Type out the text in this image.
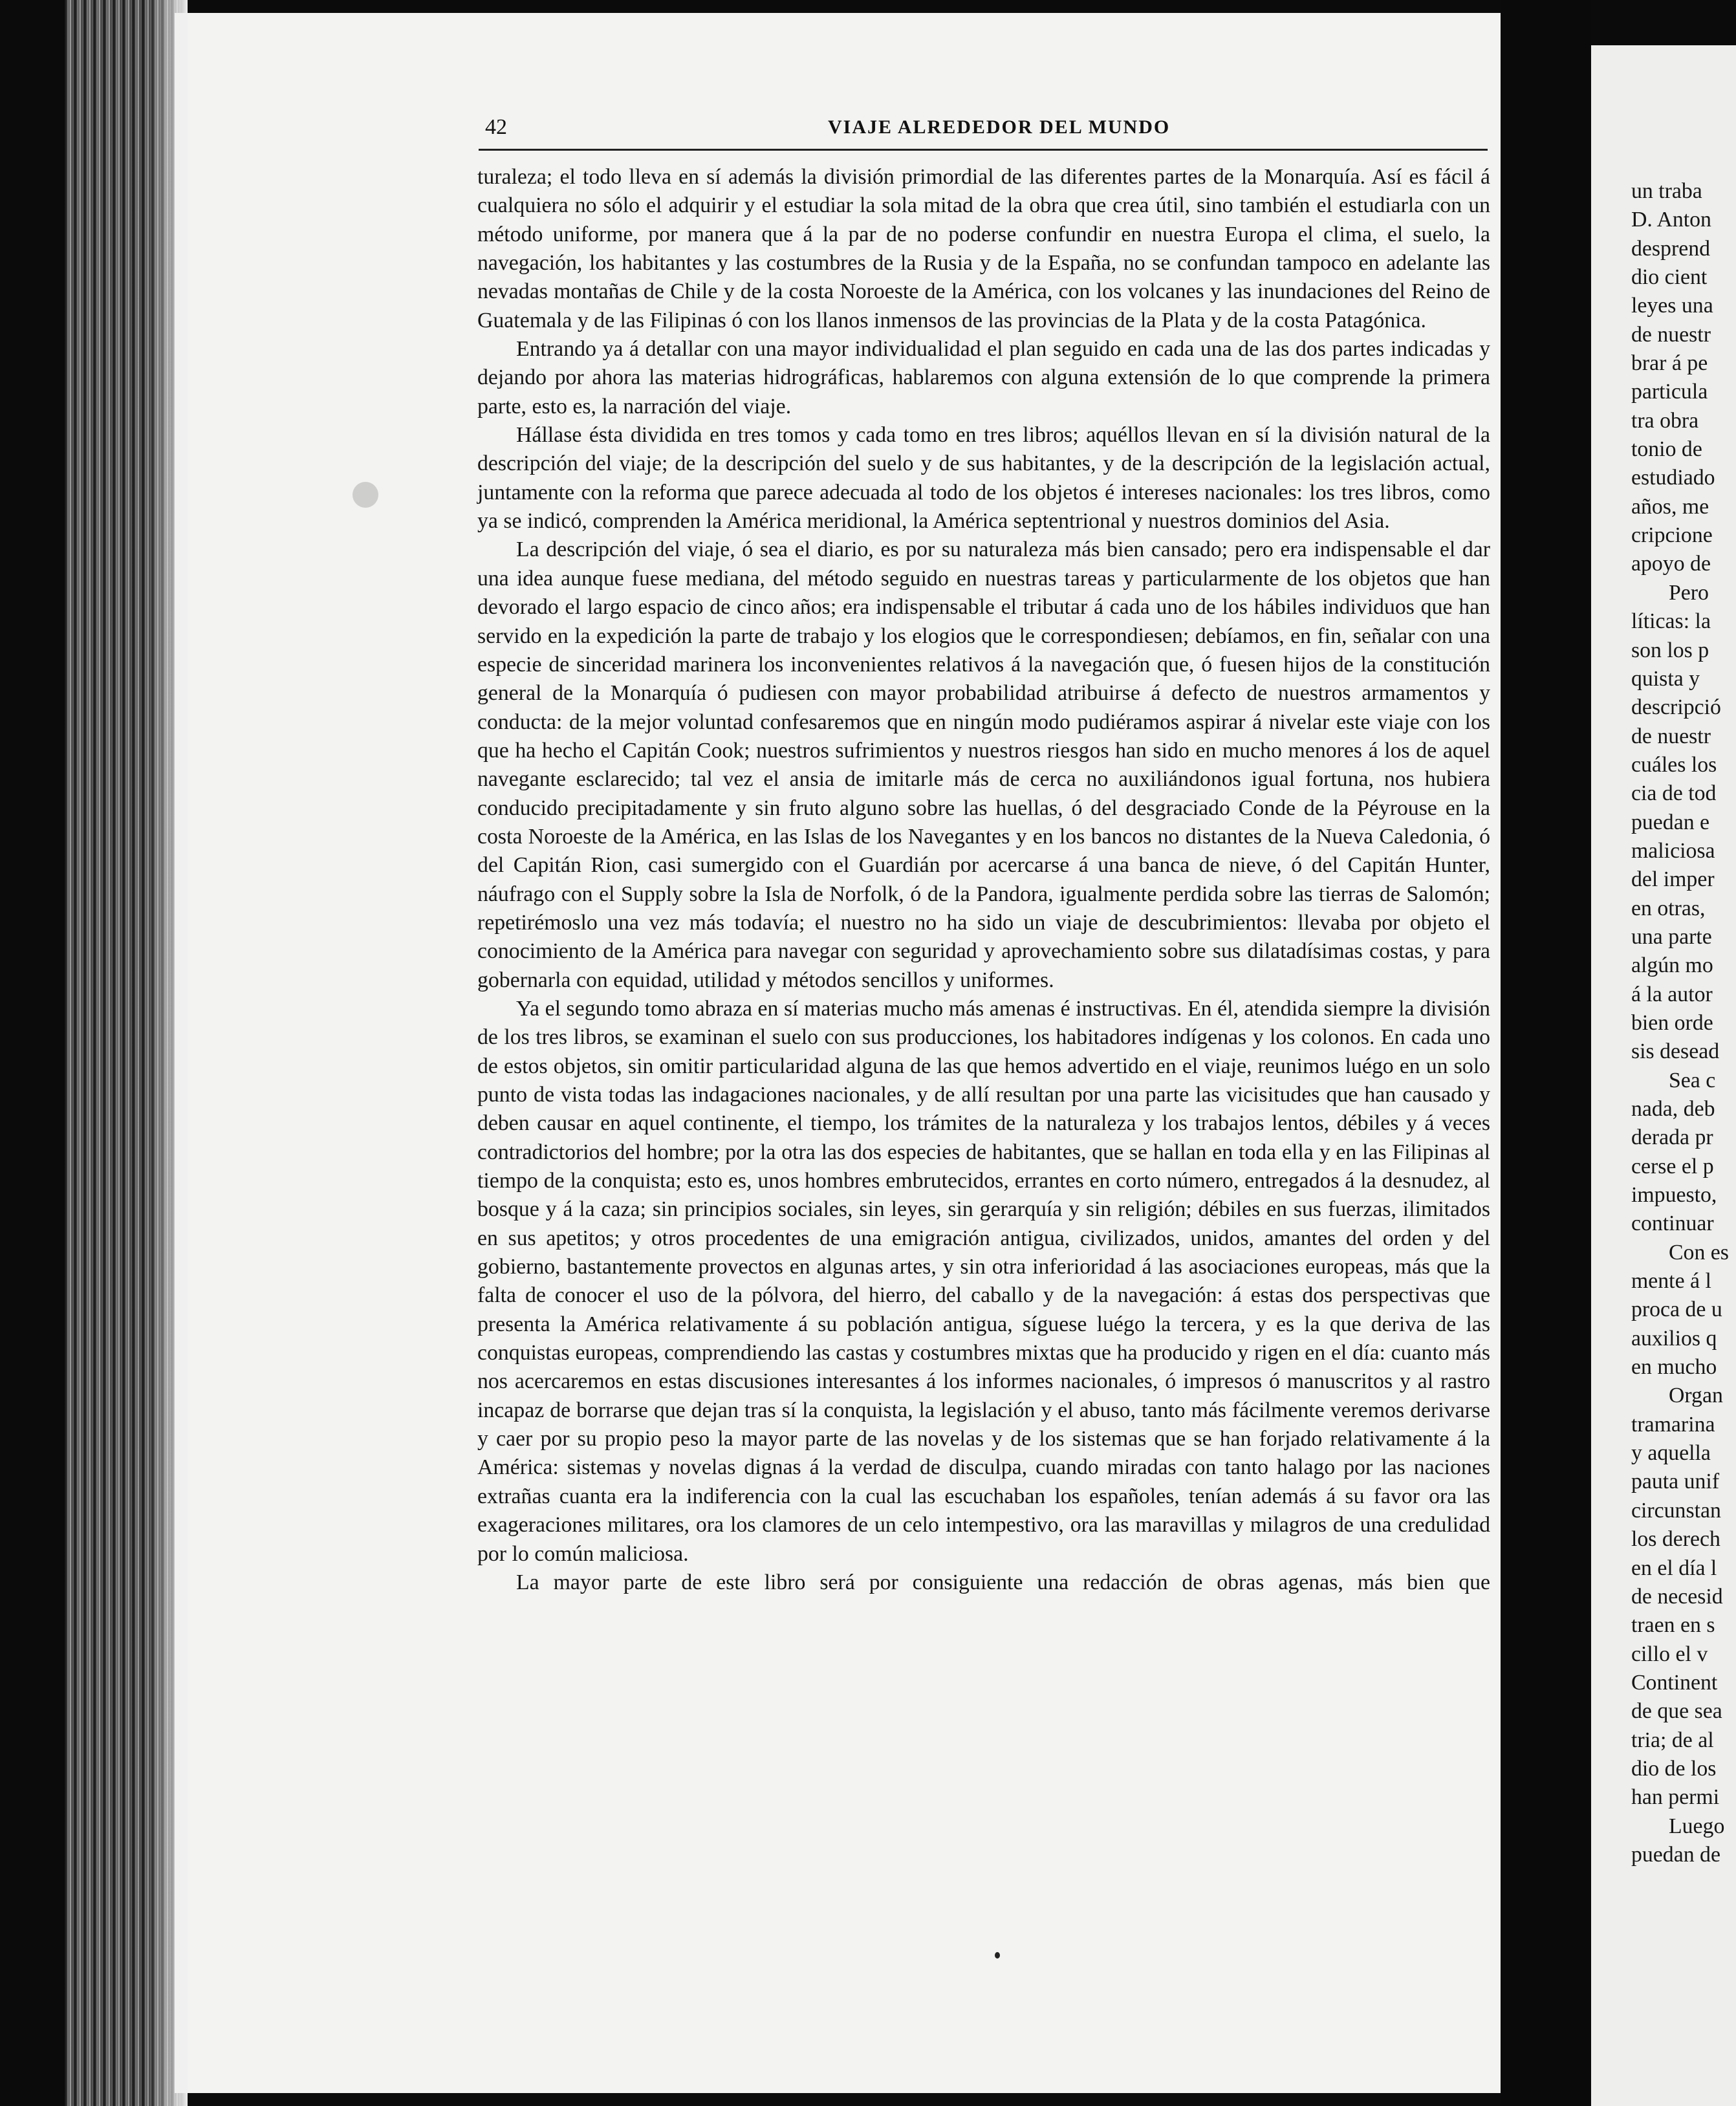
42	VIAJE ALREDEDOR DEL MUNDO

turaleza; el todo lleva en sí además la división primordial de las diferentes partes de la Monarquía. Así es fácil á cualquiera no sólo el adquirir y el estudiar la sola mitad de la obra que crea útil, sino también el estudiarla con un método uniforme, por manera que á la par de no poderse confundir en nuestra Europa el clima, el suelo, la navegación, los habitantes y las costumbres de la Rusia y de la España, no se confundan tampoco en adelante las nevadas montañas de Chile y de la costa Noroeste de la América, con los volcanes y las inundaciones del Reino de Guatemala y de las Filipinas ó con los llanos inmensos de las provincias de la Plata y de la costa Patagónica.

Entrando ya á detallar con una mayor individualidad el plan seguido en cada una de las dos partes indicadas y dejando por ahora las materias hidrográficas, hablaremos con alguna extensión de lo que comprende la primera parte, esto es, la narración del viaje.

Hállase ésta dividida en tres tomos y cada tomo en tres libros; aquéllos llevan en sí la división natural de la descripción del viaje; de la descripción del suelo y de sus habitantes, y de la descripción de la legislación actual, juntamente con la reforma que parece adecuada al todo de los objetos é intereses nacionales: los tres libros, como ya se indicó, comprenden la América meridional, la América septentrional y nuestros dominios del Asia.

La descripción del viaje, ó sea el diario, es por su naturaleza más bien cansado; pero era indispensable el dar una idea aunque fuese mediana, del método seguido en nuestras tareas y particularmente de los objetos que han devorado el largo espacio de cinco años; era indispensable el tributar á cada uno de los hábiles individuos que han servido en la expedición la parte de trabajo y los elogios que le correspondiesen; debíamos, en fin, señalar con una especie de sinceridad marinera los inconvenientes relativos á la navegación que, ó fuesen hijos de la constitución general de la Monarquía ó pudiesen con mayor probabilidad atribuirse á defecto de nuestros armamentos y conducta: de la mejor voluntad confesaremos que en ningún modo pudiéramos aspirar á nivelar este viaje con los que ha hecho el Capitán Cook; nuestros sufrimientos y nuestros riesgos han sido en mucho menores á los de aquel navegante esclarecido; tal vez el ansia de imitarle más de cerca no auxiliándonos igual fortuna, nos hubiera conducido precipitadamente y sin fruto alguno sobre las huellas, ó del desgraciado Conde de la Péyrouse en la costa Noroeste de la América, en las Islas de los Navegantes y en los bancos no distantes de la Nueva Caledonia, ó del Capitán Rion, casi sumergido con el Guardián por acercarse á una banca de nieve, ó del Capitán Hunter, náufrago con el Supply sobre la Isla de Norfolk, ó de la Pandora, igualmente perdida sobre las tierras de Salomón; repetirémoslo una vez más todavía; el nuestro no ha sido un viaje de descubrimientos: llevaba por objeto el conocimiento de la América para navegar con seguridad y aprovechamiento sobre sus dilatadísimas costas, y para gobernarla con equidad, utilidad y métodos sencillos y uniformes.

Ya el segundo tomo abraza en sí materias mucho más amenas é instructivas. En él, atendida siempre la división de los tres libros, se examinan el suelo con sus producciones, los habitadores indígenas y los colonos. En cada uno de estos objetos, sin omitir particularidad alguna de las que hemos advertido en el viaje, reunimos luégo en un solo punto de vista todas las indagaciones nacionales, y de allí resultan por una parte las vicisitudes que han causado y deben causar en aquel continente, el tiempo, los trámites de la naturaleza y los trabajos lentos, débiles y á veces contradictorios del hombre; por la otra las dos especies de habitantes, que se hallan en toda ella y en las Filipinas al tiempo de la conquista; esto es, unos hombres embrutecidos, errantes en corto número, entregados á la desnudez, al bosque y á la caza; sin principios sociales, sin leyes, sin gerarquía y sin religión; débiles en sus fuerzas, ilimitados en sus apetitos; y otros procedentes de una emigración antigua, civilizados, unidos, amantes del orden y del gobierno, bastantemente provectos en algunas artes, y sin otra inferioridad á las asociaciones europeas, más que la falta de conocer el uso de la pólvora, del hierro, del caballo y de la navegación: á estas dos perspectivas que presenta la América relativamente á su población antigua, síguese luégo la tercera, y es la que deriva de las conquistas europeas, comprendiendo las castas y costumbres mixtas que ha producido y rigen en el día: cuanto más nos acercaremos en estas discusiones interesantes á los informes nacionales, ó impresos ó manuscritos y al rastro incapaz de borrarse que dejan tras sí la conquista, la legislación y el abuso, tanto más fácilmente veremos derivarse y caer por su propio peso la mayor parte de las novelas y de los sistemas que se han forjado relativamente á la América: sistemas y novelas dignas á la verdad de disculpa, cuando miradas con tanto halago por las naciones extrañas cuanta era la indiferencia con la cual las escuchaban los españoles, tenían además á su favor ora las exageraciones militares, ora los clamores de un celo intempestivo, ora las maravillas y milagros de una credulidad por lo común maliciosa.

La mayor parte de este libro será por consiguiente una redacción de obras agenas, más bien que

un traba
D. Anton
desprend
dio cient
leyes una
de nuestr
brar á pe
particula
tra obra
tonio de
estudiado
años, me
cripcione
apoyo de
Pero
líticas: la
son los p
quista y
descripció
de nuestr
cuáles los
cia de tod
puedan e
maliciosa
del imper
en otras,
una parte
algún mo
á la autor
bien orde
sis desead
Sea c
nada, deb
derada pr
cerse el p
impuesto,
continuar
Con es
mente á l
proca de u
auxilios q
en mucho
Organ
tramarina
y aquella
pauta unif
circunstan
los derech
en el día l
de necesid
traen en s
cillo el v
Continent
de que sea
tria; de al
dio de los
han permi
Luego
puedan de
